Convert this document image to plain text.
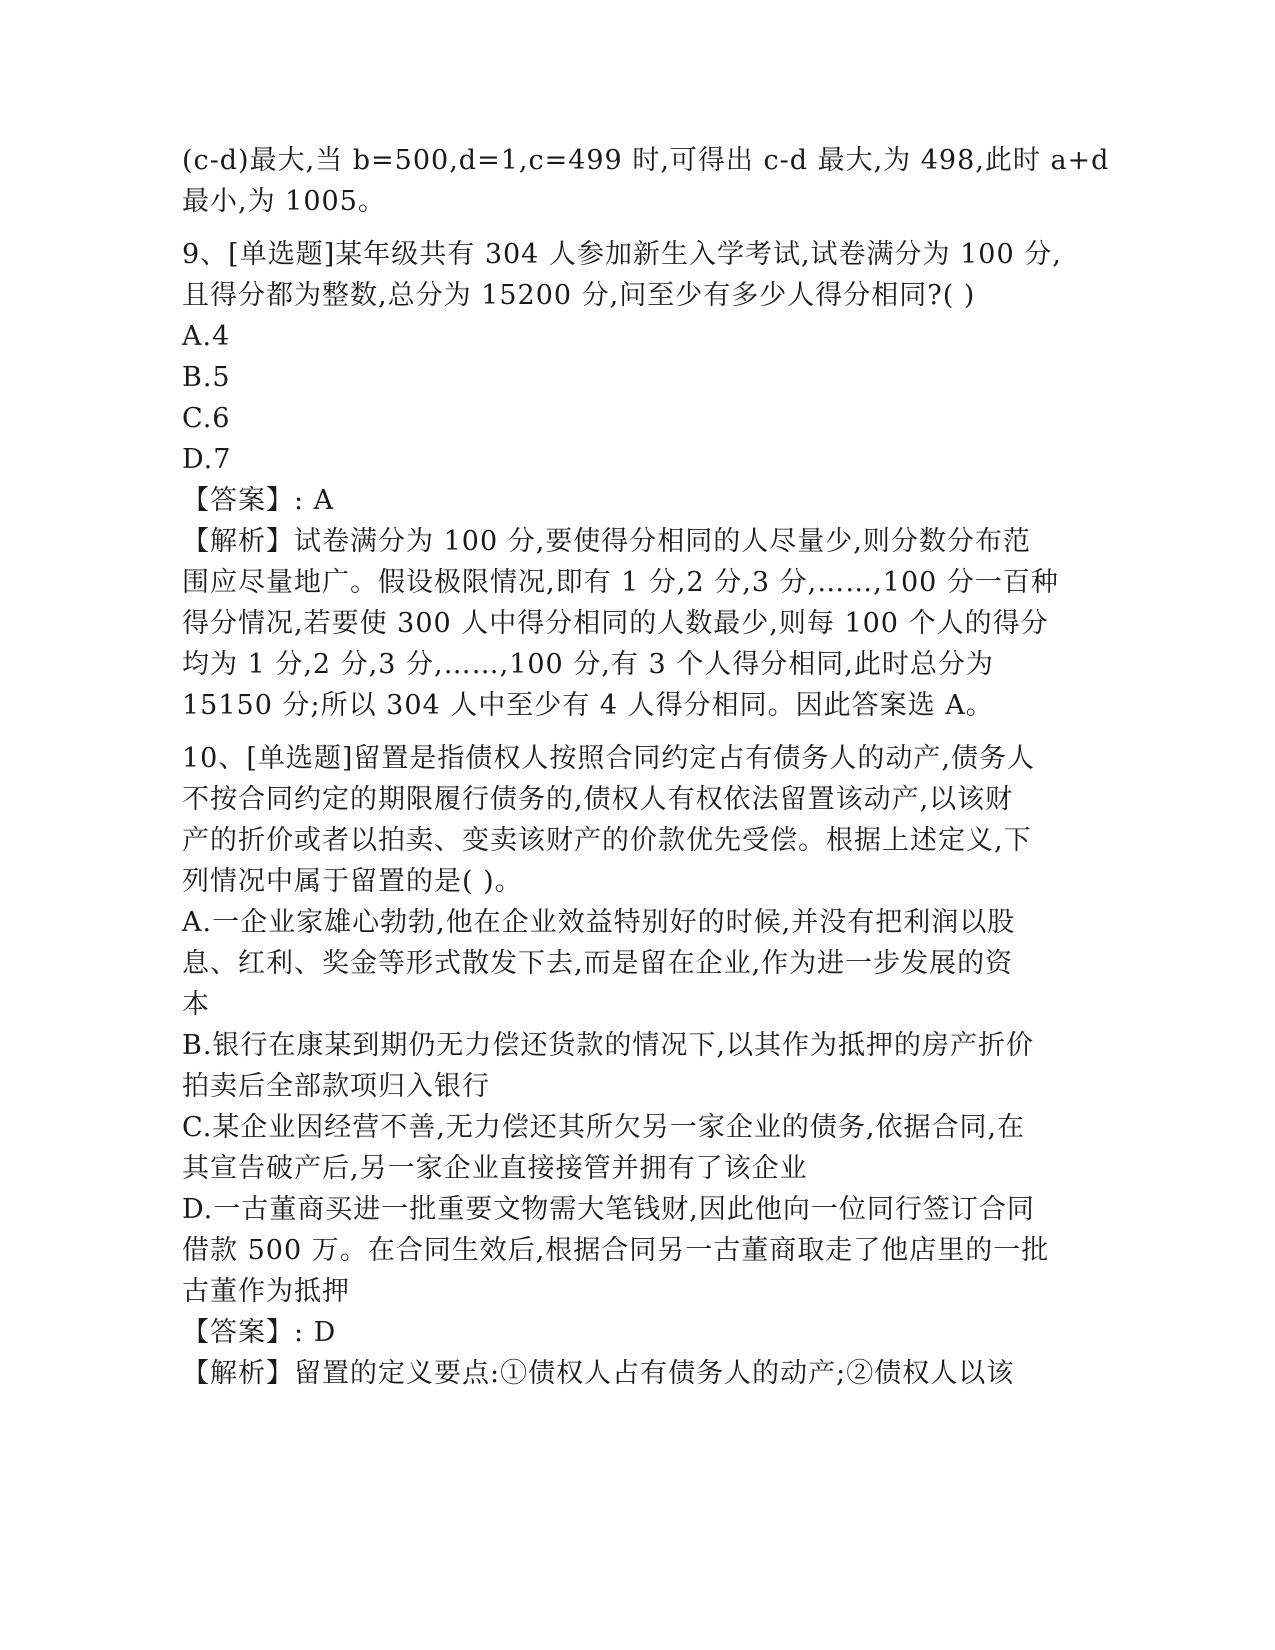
(c-d)最大,当 b=500,d=1,c=499 时,可得出 c-d 最大,为 498,此时 a+d
最小,为 1005。
9、[单选题]某年级共有 304 人参加新生入学考试,试卷满分为 100 分,
且得分都为整数,总分为 15200 分,问至少有多少人得分相同?( )
A.4
B.5
C.6
D.7
【答案】: A
【解析】试卷满分为 100 分,要使得分相同的人尽量少,则分数分布范
围应尽量地广。假设极限情况,即有 1 分,2 分,3 分,……,100 分一百种
得分情况,若要使 300 人中得分相同的人数最少,则每 100 个人的得分
均为 1 分,2 分,3 分,……,100 分,有 3 个人得分相同,此时总分为
15150 分;所以 304 人中至少有 4 人得分相同。因此答案选 A。
10、[单选题]留置是指债权人按照合同约定占有债务人的动产,债务人
不按合同约定的期限履行债务的,债权人有权依法留置该动产,以该财
产的折价或者以拍卖、变卖该财产的价款优先受偿。根据上述定义,下
列情况中属于留置的是( )。
A.一企业家雄心勃勃,他在企业效益特别好的时候,并没有把利润以股
息、红利、奖金等形式散发下去,而是留在企业,作为进一步发展的资
本
B.银行在康某到期仍无力偿还货款的情况下,以其作为抵押的房产折价
拍卖后全部款项归入银行
C.某企业因经营不善,无力偿还其所欠另一家企业的债务,依据合同,在
其宣告破产后,另一家企业直接接管并拥有了该企业
D.一古董商买进一批重要文物需大笔钱财,因此他向一位同行签订合同
借款 500 万。在合同生效后,根据合同另一古董商取走了他店里的一批
古董作为抵押
【答案】: D
【解析】留置的定义要点:①债权人占有债务人的动产;②债权人以该
